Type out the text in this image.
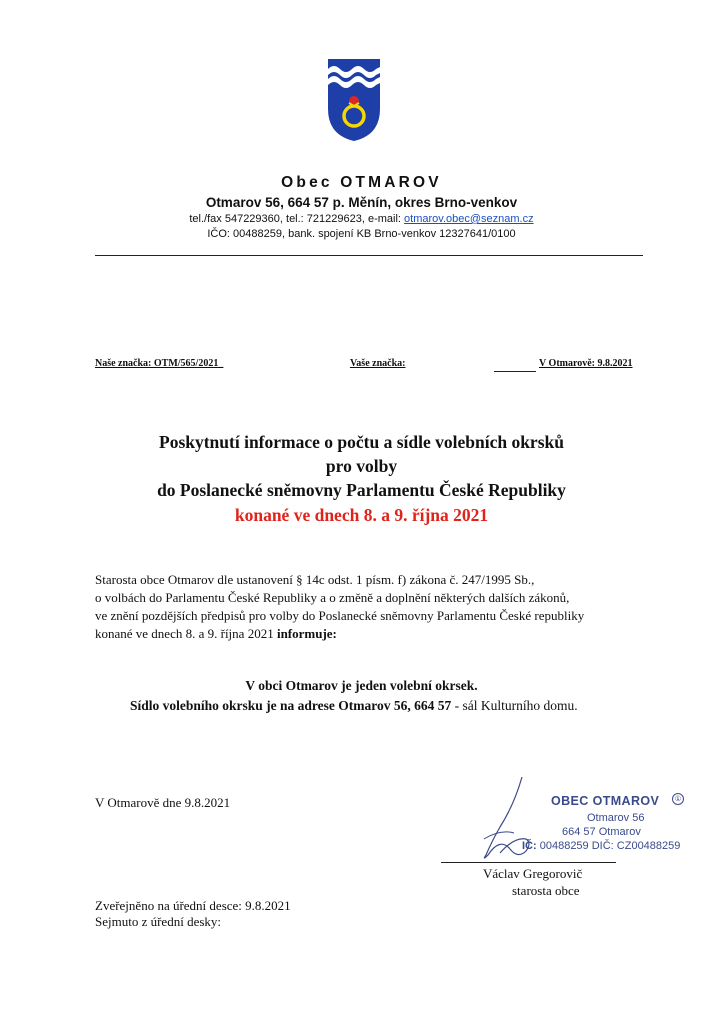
Obec OTMAROV
Otmarov 56, 664 57 p. Měnín, okres Brno-venkov
tel./fax 547229360, tel.: 721229623, e-mail: otmarov.obec@seznam.cz
IČO: 00488259, bank. spojení KB Brno-venkov 12327641/0100
Naše značka: OTM/565/2021_	Vaše značka:	V Otmarově: 9.8.2021
Poskytnutí informace o počtu a sídle volebních okrsků
pro volby
do Poslanecké sněmovny Parlamentu České Republiky
konané ve dnech 8. a 9. října 2021
Starosta obce Otmarov dle ustanovení § 14c odst. 1 písm. f) zákona č. 247/1995 Sb.,
o volbách do Parlamentu České Republiky a o změně a doplnění některých dalších zákonů,
ve znění pozdějších předpisů pro volby do Poslanecké sněmovny Parlamentu České republiky
konané ve dnech 8. a 9. října 2021 informuje:
V obci Otmarov je jeden volební okrsek.
Sídlo volebního okrsku je na adrese Otmarov 56, 664 57 - sál Kulturního domu.
V Otmarově dne 9.8.2021	OBEC OTMAROV	①
Otmarov 56
664 57 Otmarov
IČ: 00488259 DIČ: CZ00488259
Václav Gregorovič
starosta obce
Zveřejněno na úřední desce: 9.8.2021
Sejmuto z úřední desky:
